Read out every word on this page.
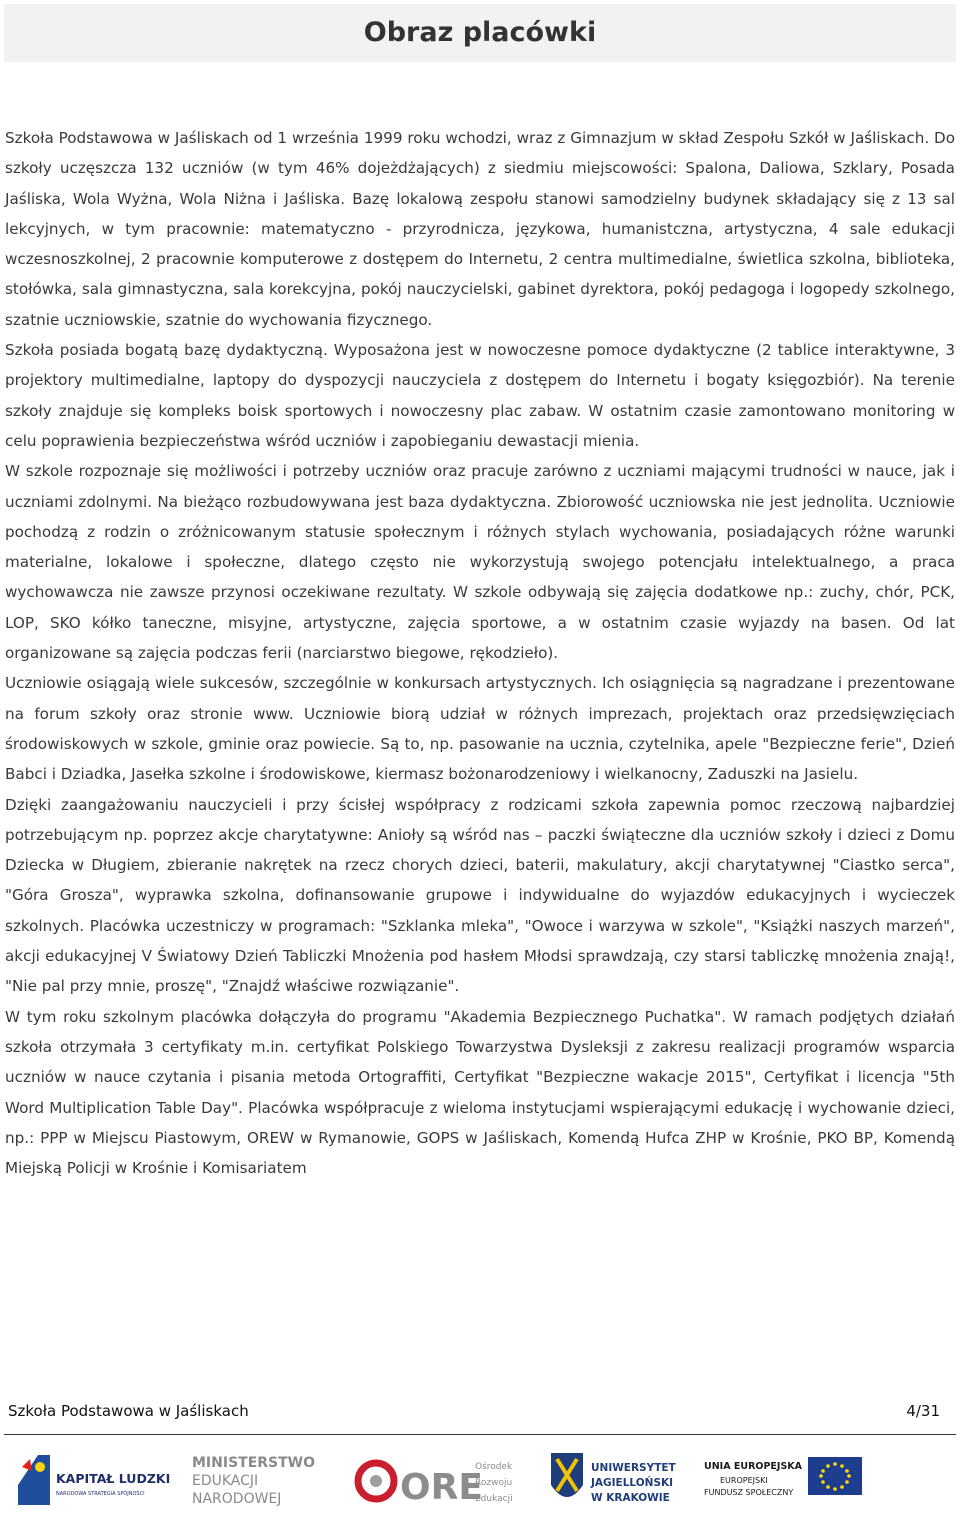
Obraz placówki

Szkoła Podstawowa w Jaśliskach od 1 września 1999 roku wchodzi, wraz z Gimnazjum w skład Zespołu Szkół w Jaśliskach. Do szkoły uczęszcza 132 uczniów (w tym 46% dojeżdżających) z siedmiu miejscowości: Spalona, Daliowa, Szklary, Posada Jaśliska, Wola Wyżna, Wola Niżna i Jaśliska. Bazę lokalową zespołu stanowi samodzielny budynek składający się z 13 sal lekcyjnych, w tym pracownie: matematyczno - przyrodnicza, językowa, humanistczna, artystyczna, 4 sale edukacji wczesnoszkolnej, 2 pracownie komputerowe z dostępem do Internetu, 2 centra multimedialne, świetlica szkolna, biblioteka, stołówka, sala gimnastyczna, sala korekcyjna, pokój nauczycielski, gabinet dyrektora, pokój pedagoga i logopedy szkolnego, szatnie uczniowskie, szatnie do wychowania fizycznego.

Szkoła posiada bogatą bazę dydaktyczną. Wyposażona jest w nowoczesne pomoce dydaktyczne (2 tablice interaktywne, 3 projektory multimedialne, laptopy do dyspozycji nauczyciela z dostępem do Internetu i bogaty księgozbiór). Na terenie szkoły znajduje się kompleks boisk sportowych i nowoczesny plac zabaw. W ostatnim czasie zamontowano monitoring w celu poprawienia bezpieczeństwa wśród uczniów i zapobieganiu dewastacji mienia.

W szkole rozpoznaje się możliwości i potrzeby uczniów oraz pracuje zarówno z uczniami mającymi trudności w nauce, jak i uczniami zdolnymi. Na bieżąco rozbudowywana jest baza dydaktyczna. Zbiorowość uczniowska nie jest jednolita. Uczniowie pochodzą z rodzin o zróżnicowanym statusie społecznym i różnych stylach wychowania, posiadających różne warunki materialne, lokalowe i społeczne, dlatego często nie wykorzystują swojego potencjału intelektualnego, a praca wychowawcza nie zawsze przynosi oczekiwane rezultaty. W szkole odbywają się zajęcia dodatkowe np.: zuchy, chór, PCK, LOP, SKO kółko taneczne, misyjne, artystyczne, zajęcia sportowe, a w ostatnim czasie wyjazdy na basen. Od lat organizowane są zajęcia podczas ferii (narciarstwo biegowe, rękodzieło).

Uczniowie osiągają wiele sukcesów, szczególnie w konkursach artystycznych. Ich osiągnięcia są nagradzane i prezentowane na forum szkoły oraz stronie www. Uczniowie biorą udział w różnych imprezach, projektach oraz przedsięwzięciach środowiskowych w szkole, gminie oraz powiecie. Są to, np. pasowanie na ucznia, czytelnika, apele "Bezpieczne ferie", Dzień Babci i Dziadka, Jasełka szkolne i środowiskowe, kiermasz bożonarodzeniowy i wielkanocny, Zaduszki na Jasielu.

Dzięki zaangażowaniu nauczycieli i przy ścisłej współpracy z rodzicami szkoła zapewnia pomoc rzeczową najbardziej potrzebującym np. poprzez akcje charytatywne: Anioły są wśród nas – paczki świąteczne dla uczniów szkoły i dzieci z Domu Dziecka w Długiem, zbieranie nakrętek na rzecz chorych dzieci, baterii, makulatury, akcji charytatywnej "Ciastko serca", "Góra Grosza", wyprawka szkolna, dofinansowanie grupowe i indywidualne do wyjazdów edukacyjnych i wycieczek szkolnych. Placówka uczestniczy w programach: "Szklanka mleka", "Owoce i warzywa w szkole", "Książki naszych marzeń", akcji edukacyjnej V Światowy Dzień Tabliczki Mnożenia pod hasłem Młodsi sprawdzają, czy starsi tabliczkę mnożenia znają!, "Nie pal przy mnie, proszę", "Znajdź właściwe rozwiązanie".

W tym roku szkolnym placówka dołączyła do programu "Akademia Bezpiecznego Puchatka". W ramach podjętych działań szkoła otrzymała 3 certyfikaty m.in. certyfikat Polskiego Towarzystwa Dysleksji z zakresu realizacji programów wsparcia uczniów w nauce czytania i pisania metoda Ortograffiti, Certyfikat "Bezpieczne wakacje 2015", Certyfikat i licencja "5th Word Multiplication Table Day". Placówka współpracuje z wieloma instytucjami wspierającymi edukację i wychowanie dzieci, np.: PPP w Miejscu Piastowym, OREW w Rymanowie, GOPS w Jaśliskach, Komendą Hufca ZHP w Krośnie, PKO BP, Komendą Miejską Policji w Krośnie i Komisariatem

Szkoła Podstawowa w Jaśliskach	4/31
KAPITAŁ LUDZKI
NARODOWA STRATEGIA SPÓJNOŚCI
MINISTERSTWO
EDUKACJI
NARODOWEJ	ORE
Ośrodek
Rozwoju
Edukacji
UNIWERSYTET
JAGIELLOŃSKI
W KRAKOWIE
UNIA EUROPEJSKA
EUROPEJSKI
FUNDUSZ SPOŁECZNY
